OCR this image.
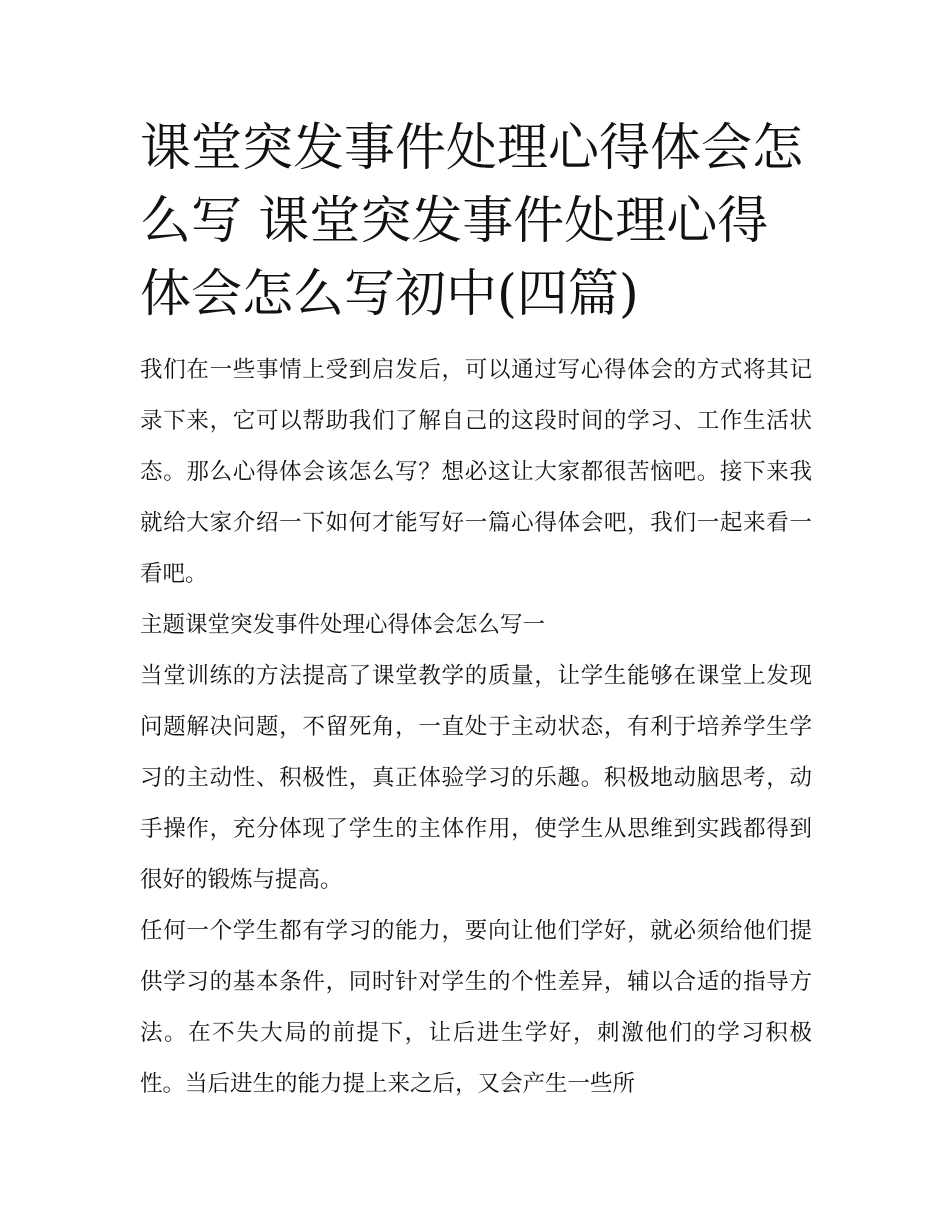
课堂突发事件处理心得体会怎么写 课堂突发事件处理心得体会怎么写初中(四篇)

我们在一些事情上受到启发后，可以通过写心得体会的方式将其记录下来，它可以帮助我们了解自己的这段时间的学习、工作生活状态。那么心得体会该怎么写？想必这让大家都很苦恼吧。接下来我就给大家介绍一下如何才能写好一篇心得体会吧，我们一起来看一看吧。

主题课堂突发事件处理心得体会怎么写一

当堂训练的方法提高了课堂教学的质量，让学生能够在课堂上发现问题解决问题，不留死角，一直处于主动状态，有利于培养学生学习的主动性、积极性，真正体验学习的乐趣。积极地动脑思考，动手操作，充分体现了学生的主体作用，使学生从思维到实践都得到很好的锻炼与提高。

任何一个学生都有学习的能力，要向让他们学好，就必须给他们提供学习的基本条件，同时针对学生的个性差异，辅以合适的指导方法。在不失大局的前提下，让后进生学好，刺激他们的学习积极性。当后进生的能力提上来之后，又会产生一些所
